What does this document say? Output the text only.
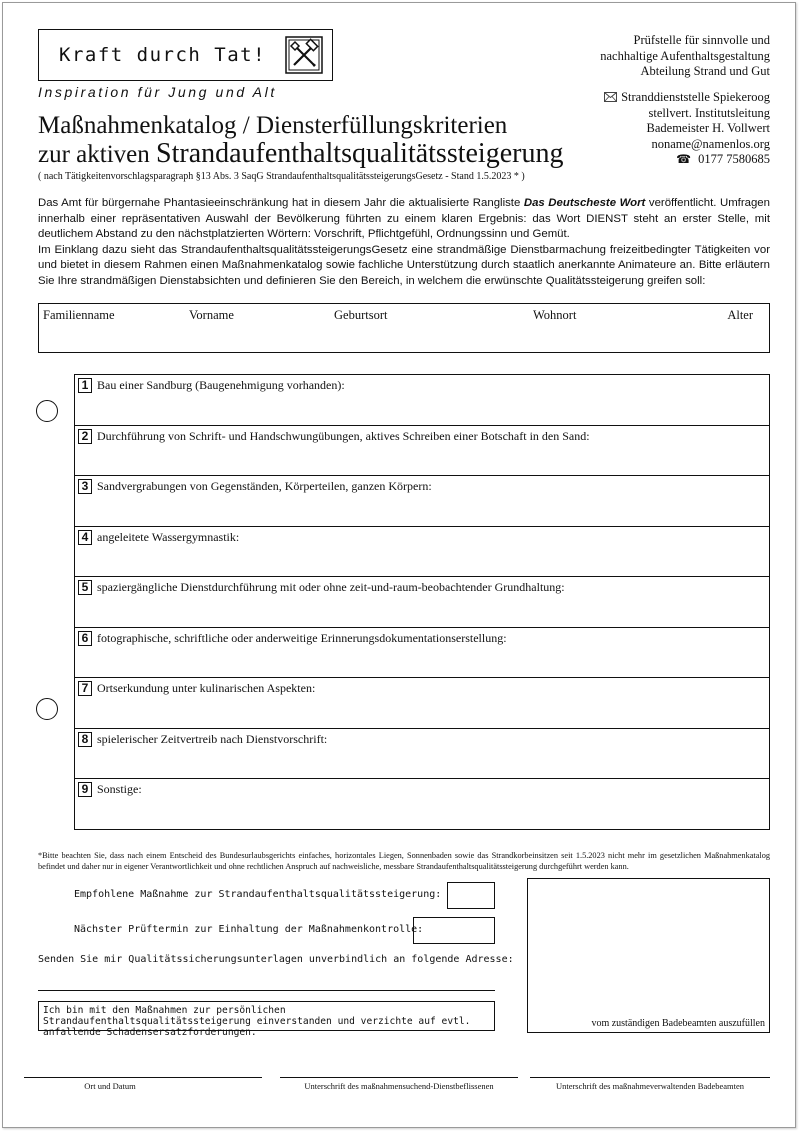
Kraft durch Tat!
Inspiration für Jung und Alt
Maßnahmenkatalog / Diensterfüllungskriterien
zur aktiven Strandaufenthaltsqualitätssteigerung
( nach Tätigkeitenvorschlagsparagraph §13 Abs. 3 SaqG StrandaufenthaltsqualitätssteigerungsGesetz - Stand 1.5.2023 * )
Prüfstelle für sinnvolle und
nachhaltige Aufenthaltsgestaltung
Abteilung Strand und Gut
Stranddienststelle Spiekeroog
stellvert. Institutsleitung
Bademeister H. Vollwert
noname@namenlos.org
☎ 0177 7580685

Das Amt für bürgernahe Phantasieeinschränkung hat in diesem Jahr die aktualisierte Rangliste Das Deutscheste Wort veröffentlicht. Umfragen innerhalb einer repräsentativen Auswahl der Bevölkerung führten zu einem klaren Ergebnis: das Wort DIENST steht an erster Stelle, mit deutlichem Abstand zu den nächstplatzierten Wörtern: Vorschrift, Pflichtgefühl, Ordnungssinn und Gemüt.

Im Einklang dazu sieht das StrandaufenthaltsqualitätssteigerungsGesetz eine strandmäßige Dienstbarmachung freizeitbedingter Tätigkeiten vor und bietet in diesem Rahmen einen Maßnahmenkatalog sowie fachliche Unterstützung durch staatlich anerkannte Animateure an. Bitte erläutern Sie Ihre strandmäßigen Dienstabsichten und definieren Sie den Bereich, in welchem die erwünschte Qualitätssteigerung greifen soll:

Familienname	Vorname	Geburtsort	Wohnort	Alter
1 Bau einer Sandburg (Baugenehmigung vorhanden):
2 Durchführung von Schrift- und Handschwungübungen, aktives Schreiben einer Botschaft in den Sand:
3 Sandvergrabungen von Gegenständen, Körperteilen, ganzen Körpern:
4 angeleitete Wassergymnastik:
5 spaziergängliche Dienstdurchführung mit oder ohne zeit-und-raum-beobachtender Grundhaltung:
6 fotographische, schriftliche oder anderweitige Erinnerungsdokumentationserstellung:
7 Ortserkundung unter kulinarischen Aspekten:
8 spielerischer Zeitvertreib nach Dienstvorschrift:
9 Sonstige:
*Bitte beachten Sie, dass nach einem Entscheid des Bundesurlaubsgerichts einfaches, horizontales Liegen, Sonnenbaden sowie das Strandkorbeinsitzen seit 1.5.2023 nicht mehr im gesetzlichen Maßnahmenkatalog befindet und daher nur in eigener Verantwortlichkeit und ohne rechtlichen Anspruch auf nachweisliche, messbare Strandaufenthaltsqualitätssteigerung durchgeführt werden kann.
Empfohlene Maßnahme zur Strandaufenthaltsqualitätssteigerung:
Nächster Prüftermin zur Einhaltung der Maßnahmenkontrolle:
Senden Sie mir Qualitätssicherungsunterlagen unverbindlich an folgende Adresse:
Ich bin mit den Maßnahmen zur persönlichen Strandaufenthaltsqualitätssteigerung einverstanden und verzichte auf evtl. anfallende Schadensersatzforderungen.
vom zuständigen Badebeamten auszufüllen
Ort und Datum	Unterschrift des maßnahmensuchend-Dienstbeflissenen	Unterschrift des maßnahmeverwaltenden Badebeamten
